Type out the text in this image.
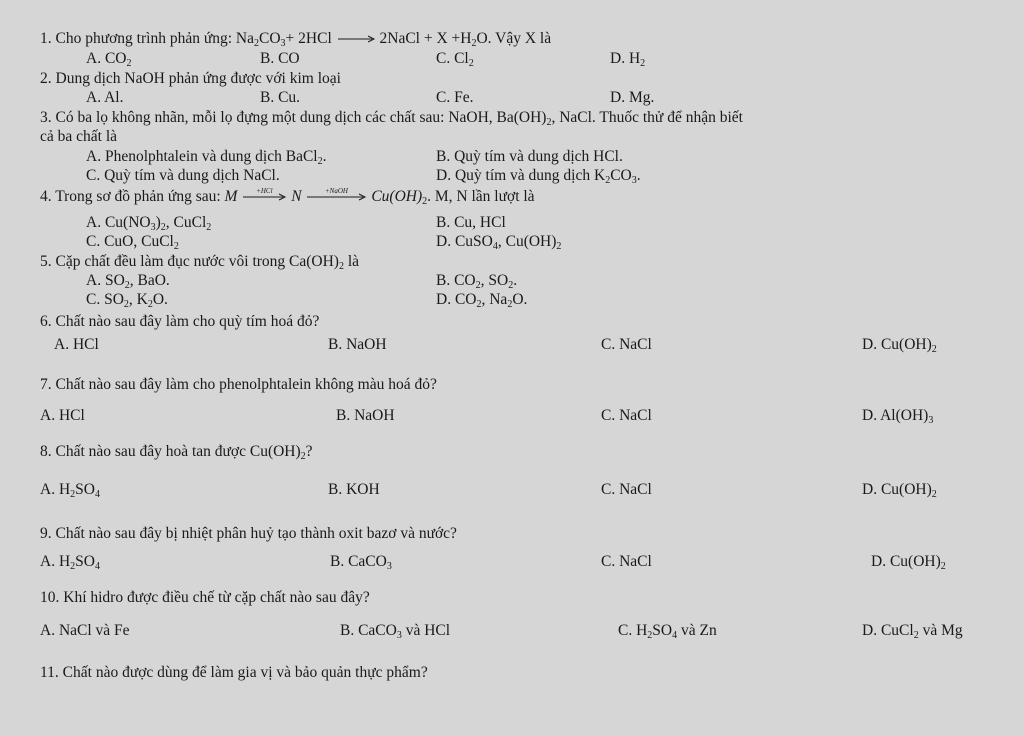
1. Cho phương trình phản ứng: $Na_2CO_3+ 2HCl$ → 2NaCl + $X +H_2O$. Vậy X là
A. $CO_2$	B. CO	C. $Cl_2$	D. $H_2$
2. Dung dịch NaOH phản ứng được với kim loại
A. Al.	B. Cu.	C. Fe.	D. Mg.
3. Có ba lọ không nhãn, mỗi lọ đựng một dung dịch các chất sau: NaOH, $Ba(OH)_2$, NaCl. Thuốc thử để nhận biết
cả ba chất là
A. Phenolphtalein và dung dịch BaCl$_2$.	B. Quỳ tím và dung dịch HCl.
C. Quỳ tím và dung dịch NaCl.	D. Quỳ tím và dung dịch $K_2CO_3$.
4. Trong sơ đồ phản ứng sau: M	+HCl	N	+NaOH	$Cu(OH)_2$. M, N lần lượt là
A. $Cu(NO_3)_2$, CuCl$_2$	B. Cu, HCl
C. CuO, CuCl$_2$	D. CuSO$_4$, $Cu(OH)_2$
5. Cặp chất đều làm đục nước vôi trong $Ca(OH)_2$ là
A. $SO_2$, BaO.	B. $CO_2$, $SO_2$.
C. $SO_2$, $K_2O$.	D. $CO_2$, $Na_2O$.
6. Chất nào sau đây làm cho quỳ tím hoá đỏ?
A. HCl	B. NaOH	C. NaCl	D. $Cu(OH)_2$
7. Chất nào sau đây làm cho phenolphtalein không màu hoá đỏ?
A. HCl	B. NaOH	C. NaCl	D. $Al(OH)_3$
8. Chất nào sau đây hoà tan được $Cu(OH)_2$?
A. $H_2SO_4$	B. KOH	C. NaCl	D. $Cu(OH)_2$
9. Chất nào sau đây bị nhiệt phân huỷ tạo thành oxit bazơ và nước?
A. $H_2SO_4$	B. CaCO$_3$	C. NaCl	D. $Cu(OH)_2$
10. Khí hidro được điều chế từ cặp chất nào sau đây?
A. NaCl và Fe	B. CaCO$_3$ và HCl	C. $H_2SO_4$ và Zn	D. CuCl$_2$ và Mg
11. Chất nào được dùng để làm gia vị và bảo quản thực phẩm?
